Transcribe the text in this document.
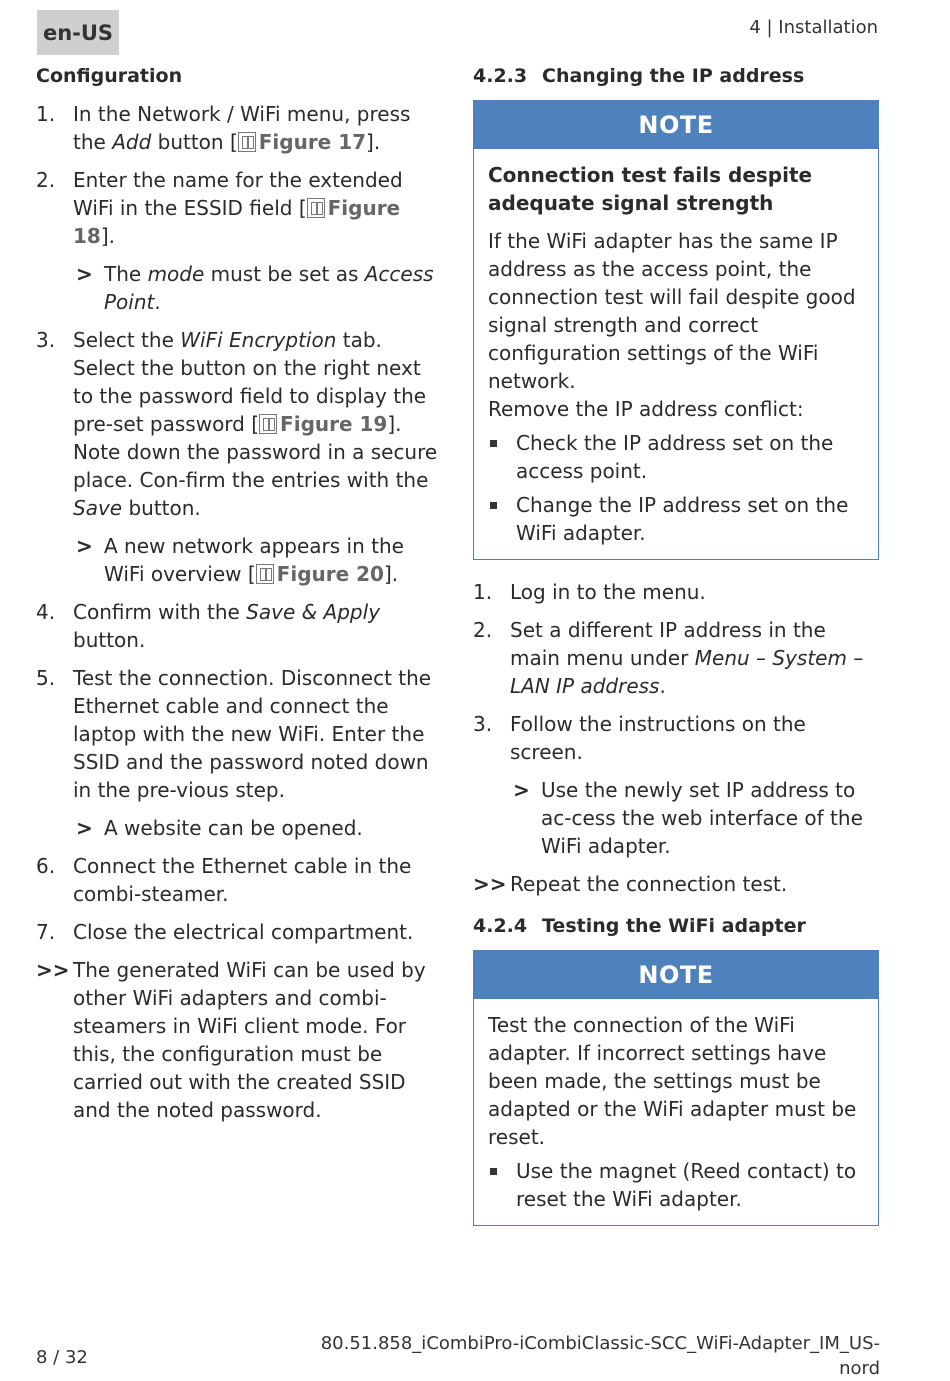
en-US	4 | Installation
Configuration
1. In the Network / WiFi menu, press the Add button [ Figure 17].
2. Enter the name for the extended WiFi in the ESSID field [ Figure 18].
> The mode must be set as Access Point.
3. Select the WiFi Encryption tab. Select the button on the right next to the password field to display the pre-set password [ Figure 19]. Note down the password in a secure place. Con-firm the entries with the Save button.
> A new network appears in the WiFi overview [ Figure 20].
4. Confirm with the Save & Apply button.
5. Test the connection. Disconnect the Ethernet cable and connect the laptop with the new WiFi. Enter the SSID and the password noted down in the pre-vious step.
> A website can be opened.
6. Connect the Ethernet cable in the combi-steamer.
7. Close the electrical compartment.
>> The generated WiFi can be used by other WiFi adapters and combi-steamers in WiFi client mode. For this, the configuration must be carried out with the created SSID and the noted password.
4.2.3 Changing the IP address
NOTE
Connection test fails despite adequate signal strength
If the WiFi adapter has the same IP address as the access point, the connection test will fail despite good signal strength and correct configuration settings of the WiFi network.
Remove the IP address conflict:
Check the IP address set on the access point.
Change the IP address set on the WiFi adapter.
1. Log in to the menu.
2. Set a different IP address in the main menu under Menu – System – LAN IP address.
3. Follow the instructions on the screen.
> Use the newly set IP address to ac-cess the web interface of the WiFi adapter.
>> Repeat the connection test.
4.2.4 Testing the WiFi adapter
NOTE
Test the connection of the WiFi adapter. If incorrect settings have been made, the settings must be adapted or the WiFi adapter must be reset.
Use the magnet (Reed contact) to reset the WiFi adapter.
8 / 32
80.51.858_iCombiPro-iCombiClassic-SCC_WiFi-Adapter_IM_US-nord
